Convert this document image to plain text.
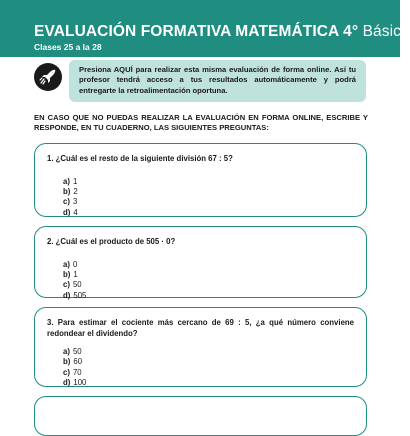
EVALUACIÓN FORMATIVA MATEMÁTICA 4° Básico
Clases 25 a la 28
Presiona AQUÍ para realizar esta misma evaluación de forma online. Así tu profesor tendrá acceso a tus resultados automáticamente y podrá entregarte la retroalimentación oportuna.
EN CASO QUE NO PUEDAS REALIZAR LA EVALUACIÓN EN FORMA ONLINE, ESCRIBE Y RESPONDE, EN TU CUADERNO, LAS SIGUIENTES PREGUNTAS:
1. ¿Cuál es el resto de la siguiente división 67 : 5?
a) 1
b) 2
c) 3
d) 4
2. ¿Cuál es el producto de 505 · 0?
a) 0
b) 1
c) 50
d) 505
3. Para estimar el cociente más cercano de 69 : 5, ¿a qué número conviene redondear el dividendo?
a) 50
b) 60
c) 70
d) 100
